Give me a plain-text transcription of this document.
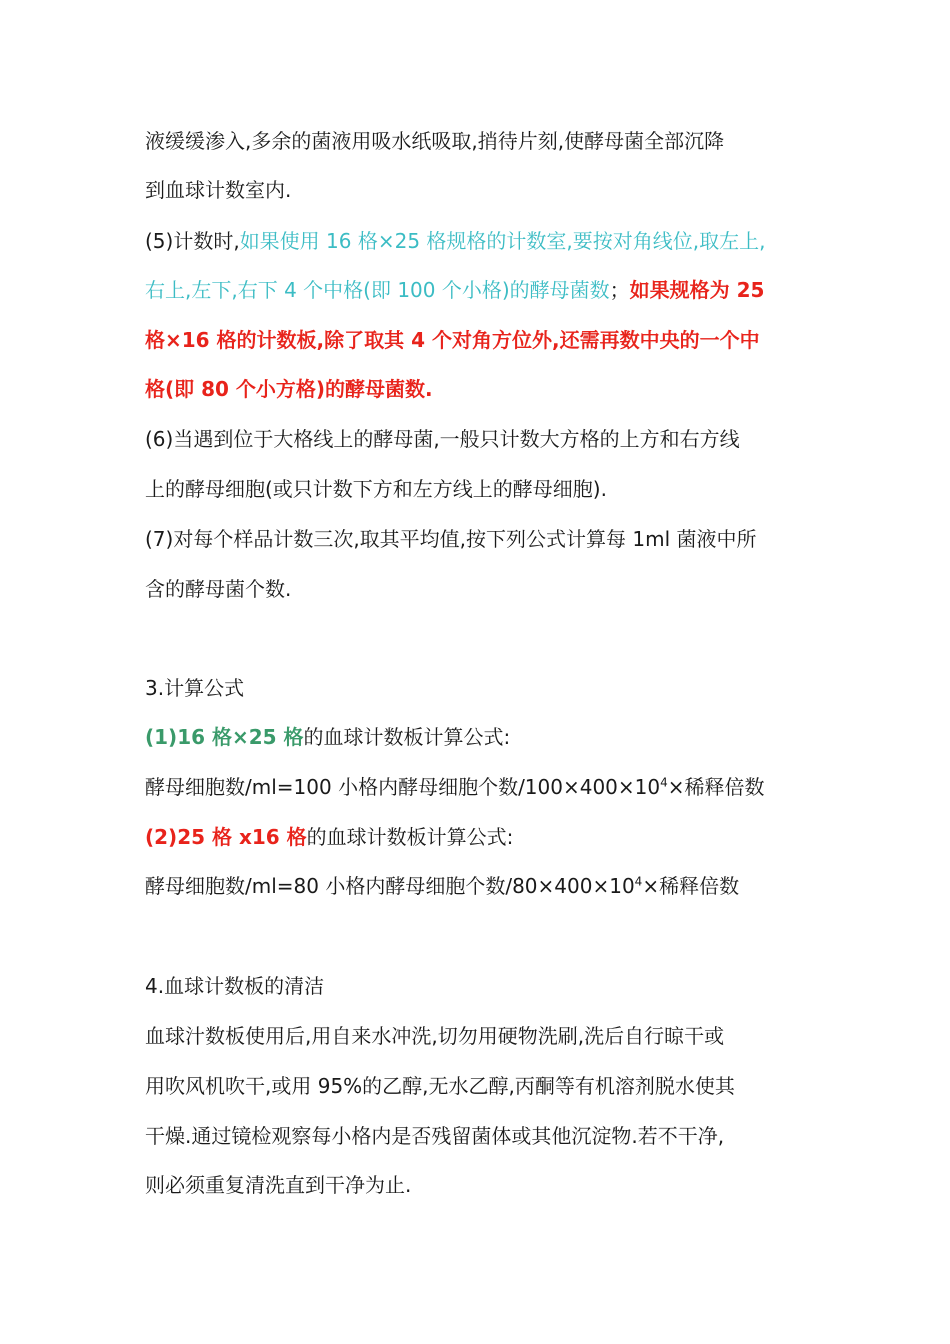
液缓缓渗入,多余的菌液用吸水纸吸取,捎待片刻,使酵母菌全部沉降
到血球计数室内.
(5)计数时,如果使用 16 格×25 格规格的计数室,要按对角线位,取左上,
右上,左下,右下 4 个中格(即 100 个小格)的酵母菌数；如果规格为 25
格×16 格的计数板,除了取其 4 个对角方位外,还需再数中央的一个中
格(即 80 个小方格)的酵母菌数.
(6)当遇到位于大格线上的酵母菌,一般只计数大方格的上方和右方线
上的酵母细胞(或只计数下方和左方线上的酵母细胞).
(7)对每个样品计数三次,取其平均值,按下列公式计算每 1ml 菌液中所
含的酵母菌个数.
3.计算公式
(1)16 格×25 格的血球计数板计算公式:
酵母细胞数/ml=100 小格内酵母细胞个数$/100\times 400\times 10^4\times$稀释倍数
(2)25 格 x16 格的血球计数板计算公式:
酵母细胞数/ml=80 小格内酵母细胞个数$/80\times 400\times 10^4\times$稀释倍数
4.血球计数板的清洁
血球汁数板使用后,用自来水冲洗,切勿用硬物洗刷,洗后自行晾干或
用吹风机吹干,或用 95%的乙醇,无水乙醇,丙酮等有机溶剂脱水使其
干燥.通过镜检观察每小格内是否残留菌体或其他沉淀物.若不干净,
则必须重复清洗直到干净为止.
